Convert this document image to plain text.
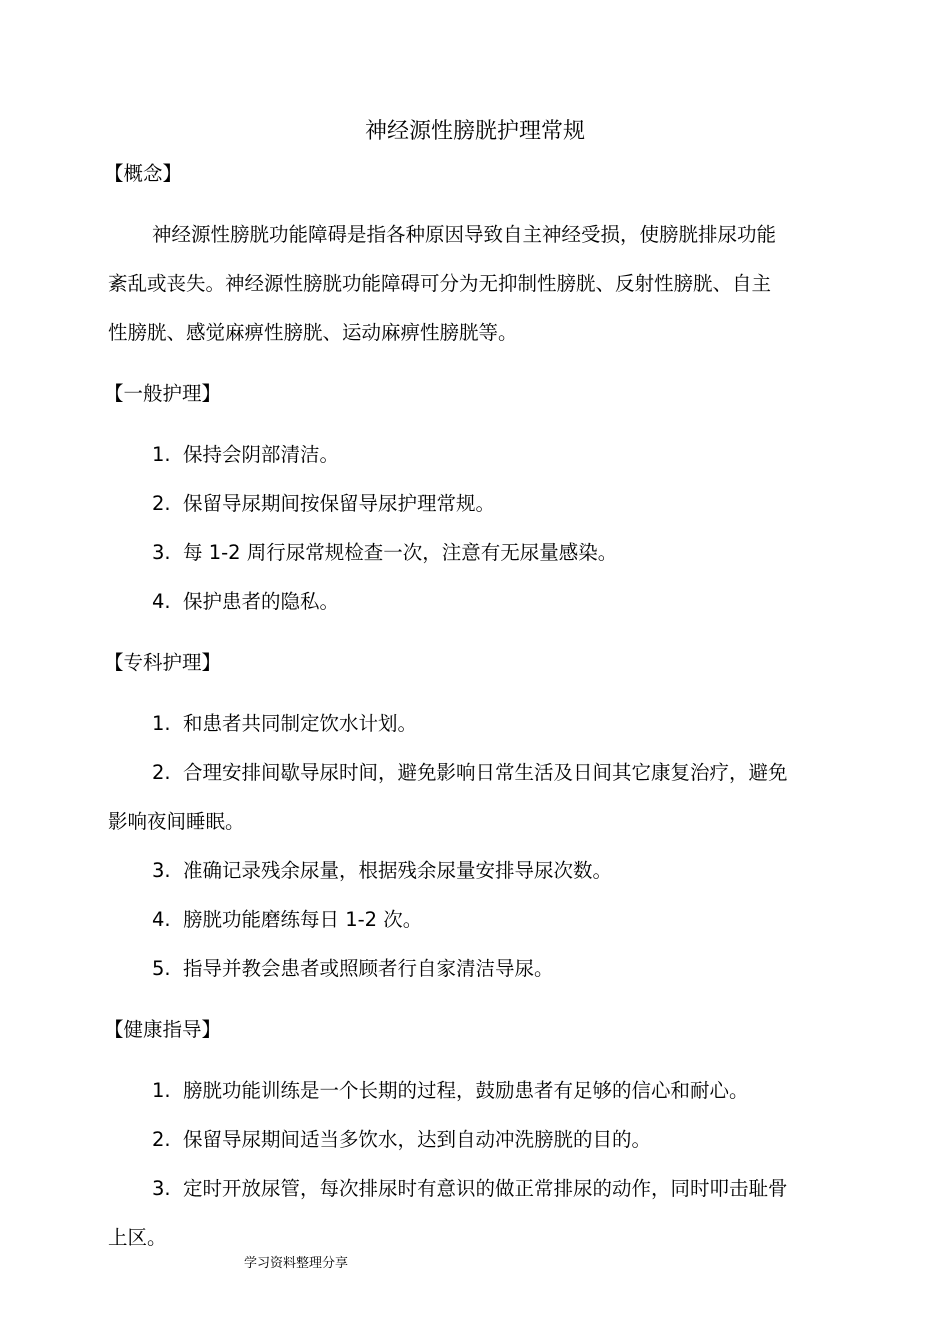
神经源性膀胱护理常规
【概念】
神经源性膀胱功能障碍是指各种原因导致自主神经受损，使膀胱排尿功能
紊乱或丧失。神经源性膀胱功能障碍可分为无抑制性膀胱、反射性膀胱、自主
性膀胱、感觉麻痹性膀胱、运动麻痹性膀胱等。
【一般护理】
1. 保持会阴部清洁。
2. 保留导尿期间按保留导尿护理常规。
3. 每 1-2 周行尿常规检查一次，注意有无尿量感染。
4. 保护患者的隐私。
【专科护理】
1. 和患者共同制定饮水计划。
2. 合理安排间歇导尿时间，避免影响日常生活及日间其它康复治疗，避免
影响夜间睡眠。
3. 准确记录残余尿量，根据残余尿量安排导尿次数。
4. 膀胱功能磨练每日 1-2 次。
5. 指导并教会患者或照顾者行自家清洁导尿。
【健康指导】
1. 膀胱功能训练是一个长期的过程，鼓励患者有足够的信心和耐心。
2. 保留导尿期间适当多饮水，达到自动冲洗膀胱的目的。
3. 定时开放尿管，每次排尿时有意识的做正常排尿的动作，同时叩击耻骨
上区。
学习资料整理分享
